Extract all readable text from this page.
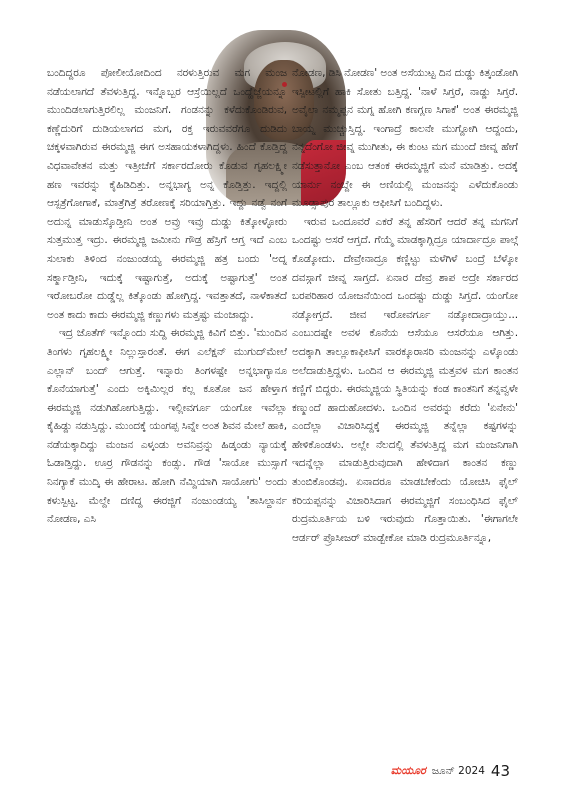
ಬಂದಿದ್ದರೂ ಪೋಲೀಯೋದಿಂದ ನರಳುತ್ತಿರುವ ಮಗ ಮಂಜ ನಡೆಯಲಾಗದೆ ತೆವಳುತ್ತಿದ್ದ. ಇನ್ನೊಬ್ಬರ ಆಸ್ರೆಯಿಲ್ಲದೆ ಒಂದ್ಹೆಜ್ಜೆಯನ್ನೂ ಮುಂದಿಡಲಾಗುತ್ತಿರಲಿಲ್ಲ ಮಂಜನಿಗೆ. ಗಂಡನನ್ನು ಕಳೆದುಕೊಂಡಿರುವ, ಕಣ್ಣೆದುರಿಗೆ ದುಡಿಯಲಾಗದ ಮಗ, ರಕ್ತ ಇರುವವರೆಗೂ ದುಡಿದು ಚಕ್ಕಳವಾಗಿರುವ ಈರಮ್ಮಜ್ಜಿ ಈಗ ಅಸಹಾಯಕಳಾಗಿದ್ದಳು. ಹಿಂದೆ ಕೊಡ್ತಿದ್ದ ವಿಧವಾವೇತನ ಮತ್ತು ಇತ್ತೀಚೆಗೆ ಸರ್ಕಾರದೋರು ಕೊಡುವ ಗೃಹಲಕ್ಷ್ಮೀ ಹಣ ಇವರನ್ನು ಕೈಹಿಡಿದಿತ್ತು. ಅನ್ನಭಾಗ್ಯ ಅನ್ನ ಕೊಡ್ತಿತ್ತು. ಇದ್ದಲ್ಲಿ ಆಸ್ಪತ್ರೆಗೋಗಾಕೆ, ಮಾತ್ರೆಗಿತ್ರೆ ತರೋಣಕ್ಕೆ ಸರಿಯಾಗ್ತಿತ್ತು. ಇದ್ದು ನಡ್ವೆ ನಂಗೆ ಅದುನ್ನ ಮಾಡುಸ್ಕೊಡ್ತೀನಿ ಅಂತ ಅವ್ರು ಇವ್ರು ದುಡ್ಡು ಕಿತ್ಕೋಳ್ಳೋರು ಸುತ್ತಮುತ್ತ ಇದ್ರು. ಈರಮ್ಮಜ್ಜಿ ಜಮೀನು ಗೌಡ್ರ ಹೆಸ್ರಿಗೆ ಆಗ್ತ ಇದೆ ಎಂಬ ಸುಲಾಕು ತಿಳಿಂದ ನಂಜುಂಡಯ್ಯ ಈರಮ್ಮಜ್ಜಿ ಹತ್ರ ಬಂದು 'ಅದ್ನ ಸರ್ಕ್ಮಾಡ್ತೀನಿ, ಇದುಕ್ಕೆ ಇಷ್ಟಾಗುತ್ತೆ, ಅದುಕ್ಕೆ ಅಷ್ಟಾಗುತ್ತೆ' ಅಂತ ಇರೋಬರೋ ದುಡ್ಡೆಲ್ಲ ಕಿತ್ಕೊಂಡು ಹೋಗ್ತಿದ್ದ. ಇವತ್ತಾತದೆ, ನಾಳೆಕಾತದೆ ಅಂತ ಕಾದು ಕಾದು ಈರಮ್ಮಜ್ಜಿ ಕಣ್ಣುಗಳು ಮತ್ತಷ್ಟು ಮಂಜಾದ್ದು.

ಇದ್ರ ಜೊತೆಗ್ ಇನ್ನೊಂದು ಸುದ್ದಿ ಈರಮ್ಮಜ್ಜಿ ಕಿವಿಗೆ ಬಿತ್ತು. 'ಮುಂದಿನ ತಿಂಗಳು ಗೃಹಲಕ್ಷ್ಮೀ ನಿಲ್ಲುಸ್ತಾರಂತೆ. ಈಗ ಎಲೆಕ್ಷನ್ ಮುಗುದ್‌ಮೇಲೆ ಎಲ್ಲಾನ್ ಬಂದ್ ಆಗುತ್ತೆ. ಇನ್ನಾರು ತಿಂಗಳಷ್ಟೇ ಅನ್ನಭಾಗ್ಯಾನೂ ಕೊನೆಯಾಗುತ್ತೆ' ಎಂದು ಅಕ್ಕಿಮಿಲ್ಲರ ಕಲ್ಲ ಕೂತೋ ಜನ ಹೇಳ್ತಾಗ ಈರಮ್ಮಜ್ಜಿ ನಡುಗಿಹೋಗುತ್ತಿದ್ದು. ಇಲ್ಲೀವರ್ಗೂ ಯಂಗೋ ಇವೆಲ್ಲಾ ಕೈಹಿಡ್ದು ನಡುಸ್ತಿದ್ದು. ಮುಂದಕ್ಕೆ ಯಂಗಪ್ಪ ಸಿವ್ನೇ ಅಂತ ಶಿವನ ಮೇಲೆ ಹಾಕಿ, ನಡೆಯಕ್ಕಾದಿದ್ದು ಮಂಜನ ಎಳ್ಕಂಡು ಅವನಿವ್ರನ್ನು ಹಿಡ್ಕಂಡು ನ್ಯಾಯಕ್ಕೆ ಓಡಾಡ್ತಿದ್ದು. ಊರ್ರ ಗೌಡನನ್ನು ಕಂಡ್ಸು. ಗೌಡ 'ಸಾಯೋ ಮುಸ್ಸಾಗೆ ನಿನಗ್ಯಾಕೆ ಮುದ್ಕಿ ಈ ಹೇರಾಟ. ಹೋಗಿ ನೆಮ್ದಿಯಾಗಿ ಸಾಯೋಗು' ಅಂದು ಕಳುಸ್ಬಿಟ್ಟ. ಮೆಲ್ದೇ ದಣಿದ್ದ ಈರಜ್ಜಿಗೆ ನಂಜುಂಡಯ್ಯ 'ತಾಸಿಲ್ದಾರ್ನ ನೋಡಣ, ಎಸಿ

ನೋಡಣ, ಡಿಸಿ ನೋಡಣ' ಅಂತ ಅಸೆಯುಟ್ಟ ದಿನ ದುಡ್ಡು ಕಿತ್ಕಂಡೋಗಿ ಇಸ್ಪೀಟಲ್ಲಿಗೆ ಹಾಕಿ ಸೋತು ಬತ್ತಿದ್ದ. 'ನಾಳೆ ಸಿಗ್ತರೆ, ನಾಡ್ಡು ಸಿಗ್ತರೆ. ಅವೈಲಾ ನಮ್ಮಪ್ಪನ ಮಗ್ನ ಹೋಗಿ ಕಣಗ್ಲಣ ಸಿಗಾಕೆ' ಅಂತ ಈರಮ್ಮಜ್ಜಿ ಬಾಯ್ನ ಮುಚ್ಚುಸ್ತಿದ್ದ. ಇಂಗಾದ್ರೆ ಕಾಲನೇ ಮುಗ್ದೋಗಿ ಆದ್ದಂದು, ನನ್ನದೆಂಗೋ ಜೀವ್ನ ಮುಗೀತು, ಈ ಕುಂಟ ಮಗ ಮುಂದೆ ಜೀವ್ನ ಹೇಗೆ ನಡೆಸುತ್ತಾನೋ ಎಂಬ ಆತಂಕ ಈರಮ್ಮಜ್ಜಿಗೆ ಮನೆ ಮಾಡಿತ್ತು. ಅದಕ್ಕೆ ಯಾರ್ನು ನಂಬ್ದೇ ಈ ಅಣಿಯಲ್ಲಿ ಮಂಜನನ್ನು ಎಳೆದುಕೊಂಡು ಮೂಡ್ಸಾಪುರ ತಾಲ್ಲೂಕು ಆಫೀಸಿಗೆ ಬಂದಿದ್ದಳು.

ಇರುವ ಒಂದೂವರೆ ಎಕರೆ ತನ್ನ ಹೆಸರಿಗೆ ಆದರೆ ತನ್ನ ಮಗನಿಗೆ ಒಂದಷ್ಟು ಅಸರೆ ಆಗ್ತದೆ. ಗೆಯ್ಮೆ ಮಾಡಕ್ಕಾಗ್ಲಿದ್ರೂ ಯಾರ್ದಾದ್ರೂ ಪಾಲ್ಗೆ ಕೊಡ್ಕೋದು. ದೇವ್ರೇನಾದ್ರೂ ಕಣ್ಣಿಟ್ಟು ಮಳೆಗಿಳೆ ಬಂದ್ರೆ ಬೆಳ್ಕೋ ದವಸ್ಗಾಗೆ ಜೀವ್ನ ಸಾಗ್ತದೆ. ಏನಾರ ದೇವ್ರ ಶಾಪ ಅದ್ರೇ ಸರ್ಕಾರದ ಬರಪರಿಹಾರ ಯೋಜನೆಯಿಂದ ಒಂದಷ್ಟು ದುಡ್ಡು ಸಿಗ್ತದೆ. ಯಂಗೋ ನಡ್ಕೋಗ್ತದೆ. ಜೀವ ಇರೋವರ್ಗೂ ನಡ್ಕೋದಾದ್ರಾಯ್ತು... ಎಂಬುದಷ್ಟೇ ಅವಳ ಕೊನೆಯ ಆಸೆಯೂ ಆಸರೆಯೂ ಆಗಿತ್ತು. ಅದಕ್ಕಾಗಿ ತಾಲ್ಲೂಕಾಫೀಸಿಗೆ ವಾರಕ್ಕೂರಾಸರಿ ಮಂಜನನ್ನು ಎಳ್ಕೊಂಡು ಅಲೆದಾಡುತ್ತಿದ್ದಳು. ಒಂದಿನ ಆ ಈರಮ್ಮಜ್ಜಿ ಮತ್ತವಳ ಮಗ ಕಾಂತನ ಕಣ್ಣಿಗೆ ಬಿದ್ದರು. ಈರಮ್ಮಜ್ಜಿಯ ಸ್ಥಿತಿಯನ್ನು ಕಂಡ ಕಾಂತನಿಗೆ ತನ್ನವ್ವಳೇ ಕಣ್ಮುಂದೆ ಹಾದುಹೋದಳು. ಒಂದಿನ ಅವರನ್ನು ಕರೆದು 'ಏನೇನು' ಎಂದೆಲ್ಲಾ ವಿಚಾರಿಸಿದ್ದಕ್ಕೆ ಈರಮ್ಮಜ್ಜಿ ತನ್ನೆಲ್ಲಾ ಕಷ್ಟಗಳನ್ನು ಹೇಳಿಕೊಂಡಳು. ಅಲ್ಲೇ ನೆಲದಲ್ಲಿ ತೆವಳುತ್ತಿದ್ದ ಮಗ ಮಂಜನಿಗಾಗಿ ಇದನ್ನೆಲ್ಲಾ ಮಾಡುತ್ತಿರುವುದಾಗಿ ಹೇಳಿದಾಗ ಕಾಂತನ ಕಣ್ಣು ತುಂಬಿಕೊಂಡವು. ಏನಾದರೂ ಮಾಡಬೇಕೆಂದು ಯೋಚಿಸಿ ಫೈಲ್ ಕರಿಯಪ್ಪನನ್ನು ವಿಚಾರಿಸಿದಾಗ ಈರಮ್ಮಜ್ಜಿಗೆ ಸಂಬಂಧಿಸಿದ ಫೈಲ್ ರುದ್ರಮೂರ್ತಿಯ ಬಳಿ ಇರುವುದು ಗೊತ್ತಾಯಿತು. 'ಈಗಾಗಲೇ ಆರ್ಡರ್ ಪ್ರೊಸೀಜರ್ ಮಾಡ್ಬೇಕೋ ಮಾಡಿ ರುದ್ರಮೂರ್ತಿನ್ನೂ,

ಮಯೂರ ಜೂನ್ 2024 43
